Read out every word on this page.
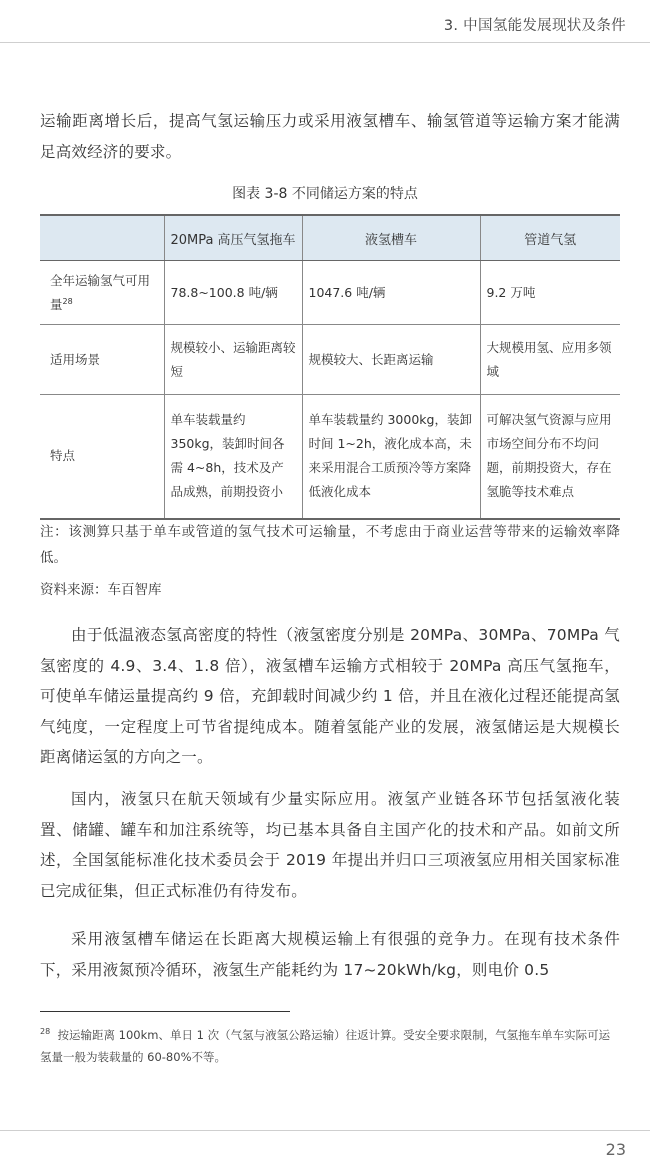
3. 中国氢能发展现状及条件

运输距离增长后，提高气氢运输压力或采用液氢槽车、输氢管道等运输方案才能满足高效经济的要求。

图表 3-8 不同储运方案的特点
	20MPa 高压气氢拖车	液氢槽车	管道气氢
全年运输氢气可用量$^{28}$	78.8~100.8 吨/辆	1047.6 吨/辆	9.2 万吨
适用场景	规模较小、运输距离较短	规模较大、长距离运输	大规模用氢、应用多领域
特点	单车装载量约 350kg，装卸时间各需 4~8h，技术及产品成熟，前期投资小	单车装载量约 3000kg，装卸时间 1~2h，液化成本高，未来采用混合工质预冷等方案降低液化成本	可解决氢气资源与应用市场空间分布不均问题，前期投资大，存在氢脆等技术难点

注：该测算只基于单车或管道的氢气技术可运输量，不考虑由于商业运营等带来的运输效率降低。

资料来源：车百智库

由于低温液态氢高密度的特性（液氢密度分别是 20MPa、30MPa、70MPa 气氢密度的 4.9、3.4、1.8 倍），液氢槽车运输方式相较于 20MPa 高压气氢拖车，可使单车储运量提高约 9 倍，充卸载时间减少约 1 倍，并且在液化过程还能提高氢气纯度，一定程度上可节省提纯成本。随着氢能产业的发展，液氢储运是大规模长距离储运氢的方向之一。

国内，液氢只在航天领域有少量实际应用。液氢产业链各环节包括氢液化装置、储罐、罐车和加注系统等，均已基本具备自主国产化的技术和产品。如前文所述，全国氢能标准化技术委员会于 2019 年提出并归口三项液氢应用相关国家标准已完成征集，但正式标准仍有待发布。

采用液氢槽车储运在长距离大规模运输上有很强的竞争力。在现有技术条件下，采用液氮预冷循环，液氢生产能耗约为 17~20kWh/kg，则电价 0.5

$^{28}$ 按运输距离 100km、单日 1 次（气氢与液氢公路运输）往返计算。受安全要求限制，气氢拖车单车实际可运氢量一般为装载量的 60-80%不等。

23
